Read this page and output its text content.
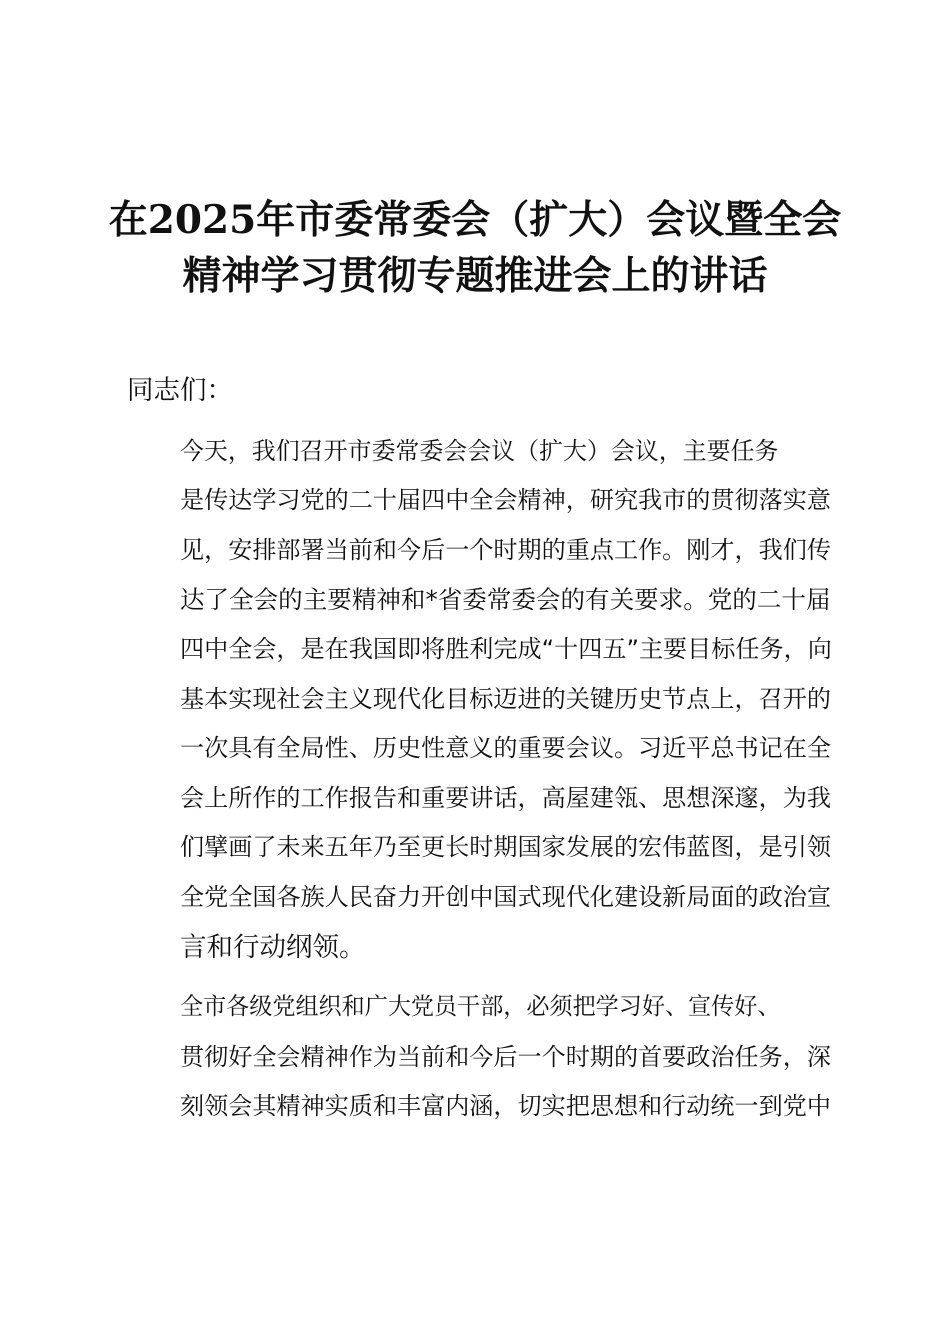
在2025年市委常委会（扩大）会议暨全会
精神学习贯彻专题推进会上的讲话

同志们：

今天，我们召开市委常委会会议（扩大）会议，主要任务
是传达学习党的二十届四中全会精神，研究我市的贯彻落实意
见，安排部署当前和今后一个时期的重点工作。刚才，我们传
达了全会的主要精神和*省委常委会的有关要求。党的二十届
四中全会，是在我国即将胜利完成“十四五”主要目标任务，向
基本实现社会主义现代化目标迈进的关键历史节点上，召开的
一次具有全局性、历史性意义的重要会议。习近平总书记在全
会上所作的工作报告和重要讲话，高屋建瓴、思想深邃，为我
们擘画了未来五年乃至更长时期国家发展的宏伟蓝图，是引领
全党全国各族人民奋力开创中国式现代化建设新局面的政治宣
言和行动纲领。

全市各级党组织和广大党员干部，必须把学习好、宣传好、
贯彻好全会精神作为当前和今后一个时期的首要政治任务，深
刻领会其精神实质和丰富内涵，切实把思想和行动统一到党中
